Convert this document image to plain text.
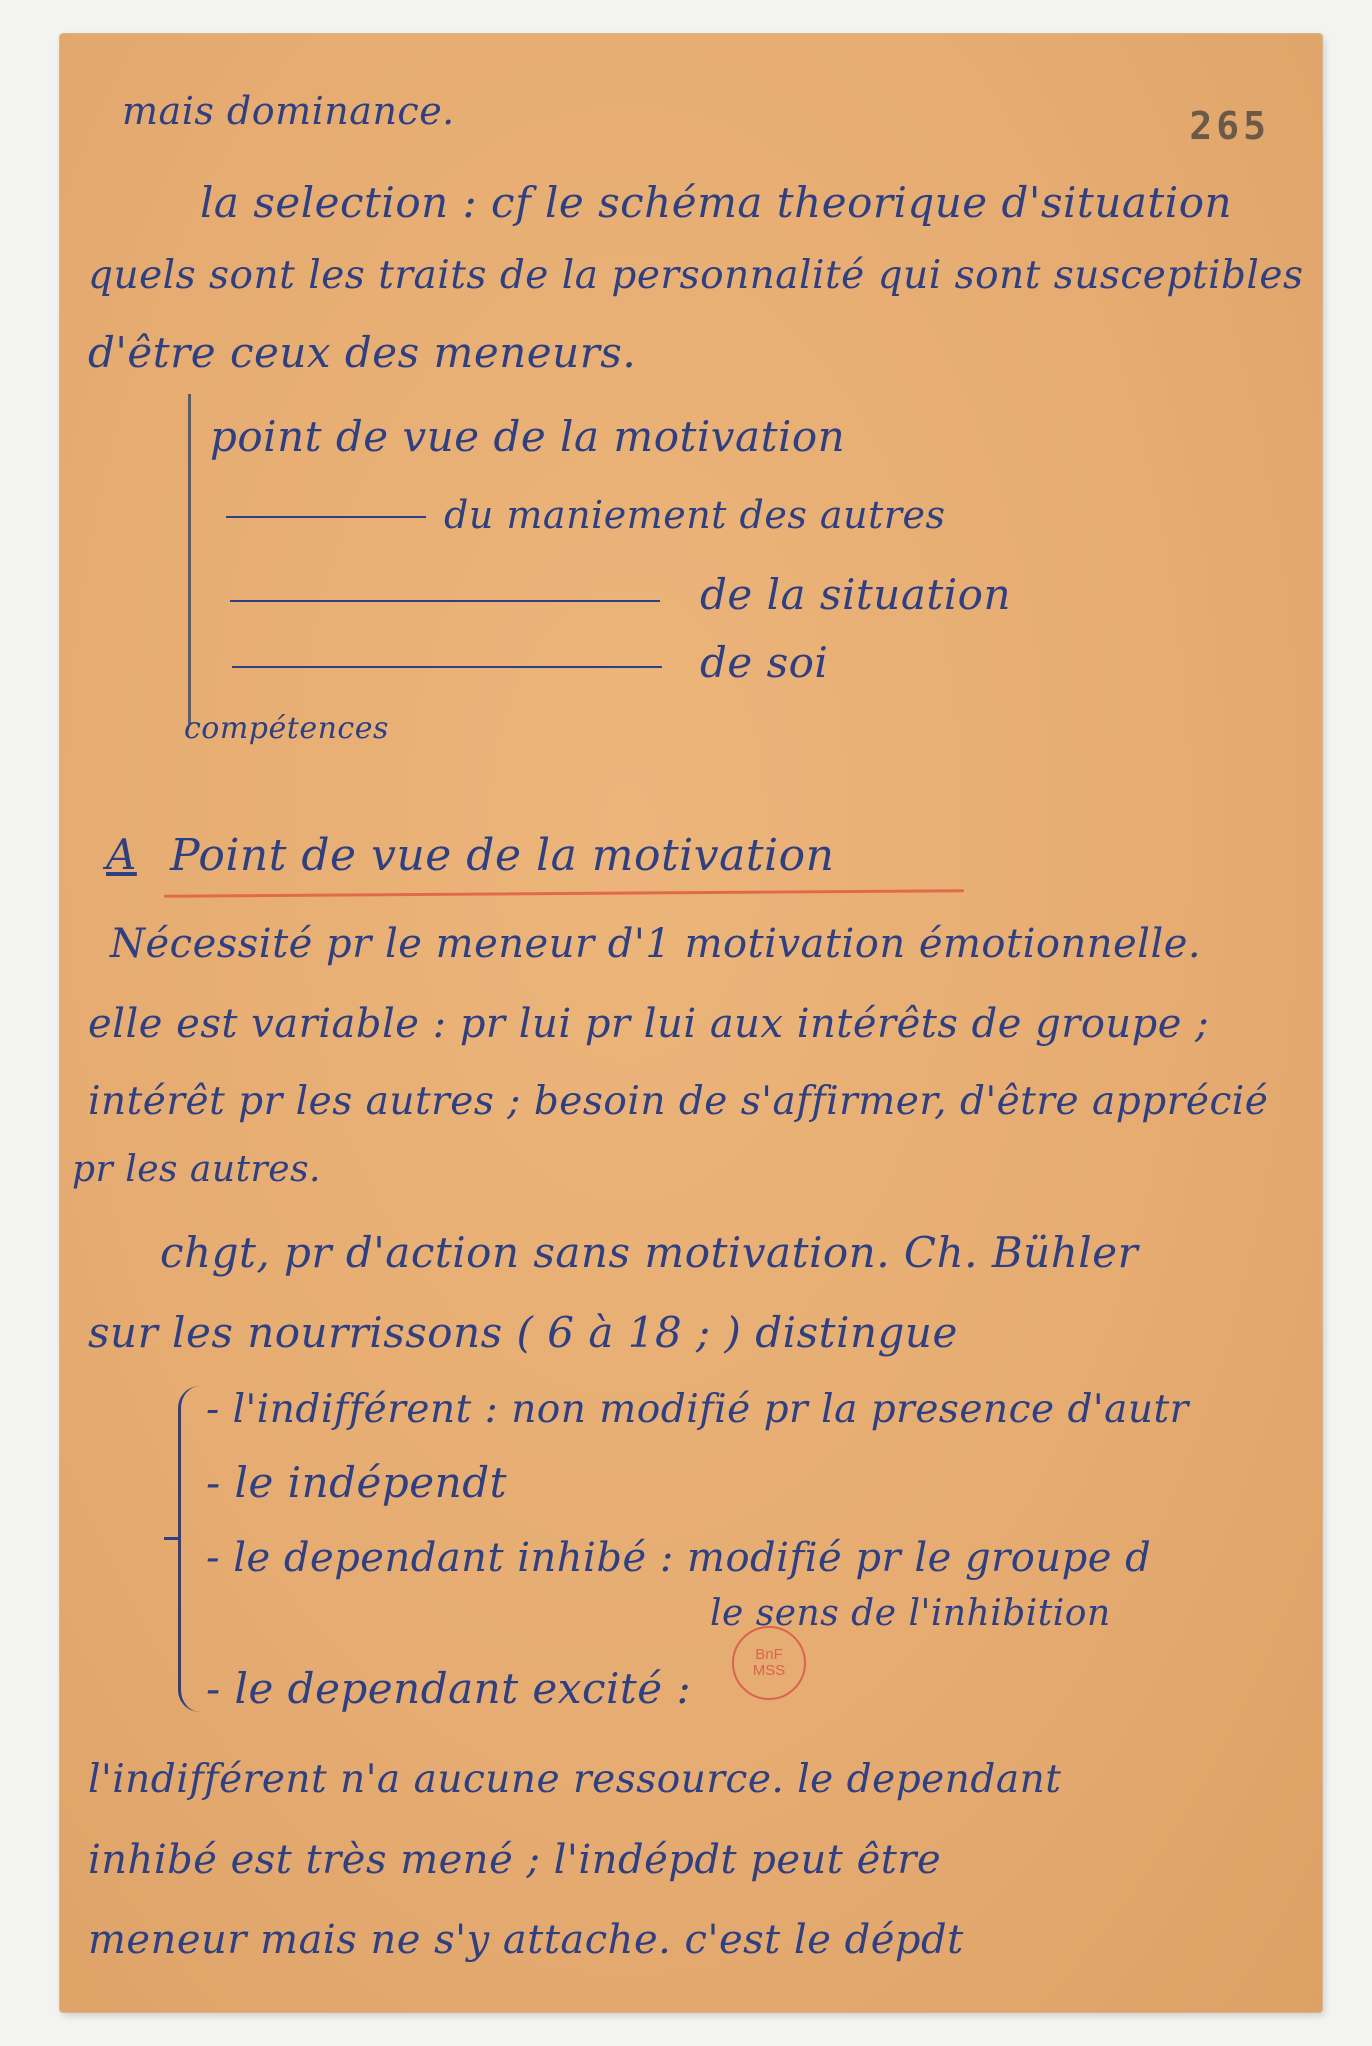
265
mais dominance.
la selection : cf le schéma theorique d'situation
quels sont les traits de la personnalité qui sont susceptibles
d'être ceux des meneurs.
point de vue de la motivation
du maniement des autres
de la situation
de soi
compétences
A Point de vue de la motivation
Nécessité pr le meneur d'1 motivation émotionnelle.
elle est variable : pr lui pr lui aux intérêts de groupe ;
intérêt pr les autres ; besoin de s'affirmer, d'être apprécié
pr les autres.
chgt, pr d'action sans motivation. Ch. Bühler
sur les nourrissons ( 6 à 18 ; ) distingue
- l'indifférent : non modifié pr la presence d'autr
- le indépendt
- le dependant inhibé : modifié pr le groupe d
le sens de l'inhibition
- le dependant excité :
BnF
MSS
l'indifférent n'a aucune ressource. le dependant
inhibé est très mené ; l'indépdt peut être
meneur mais ne s'y attache. c'est le dépdt
